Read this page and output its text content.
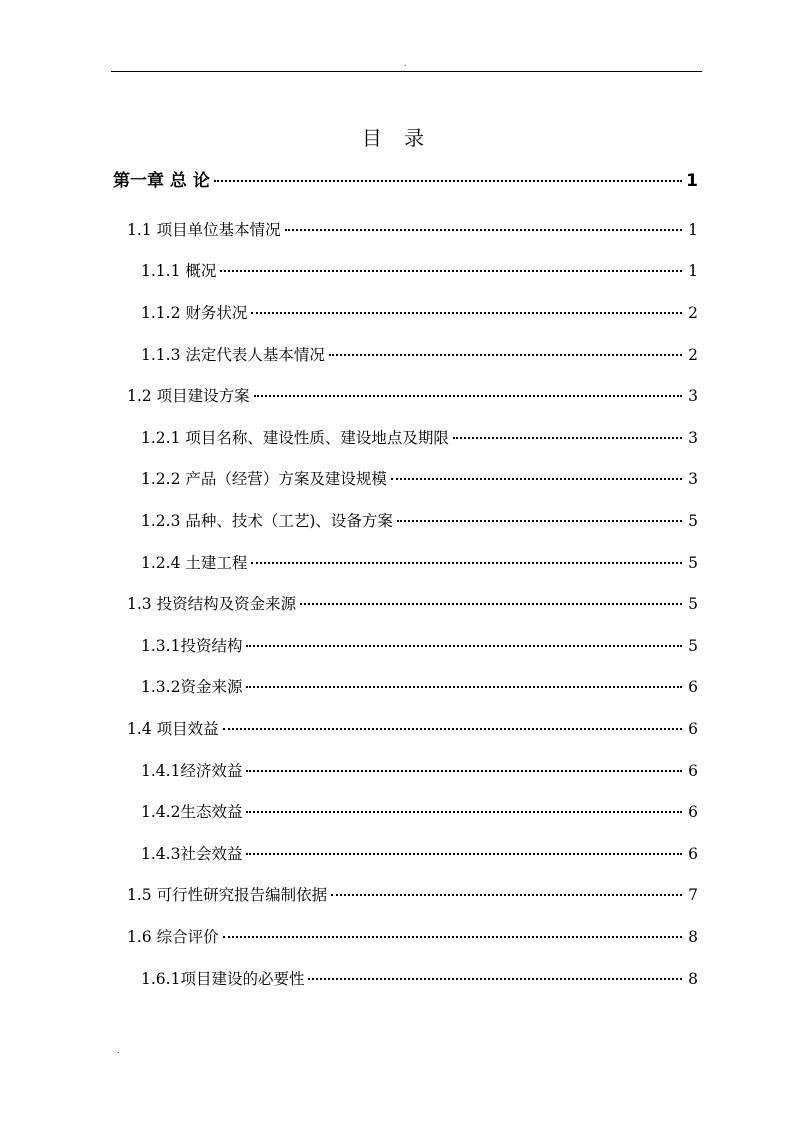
.
目 录
第一章 总 论	1
1.1 项目单位基本情况	1
1.1.1 概况	1
1.1.2 财务状况	2
1.1.3 法定代表人基本情况	2
1.2 项目建设方案	3
1.2.1 项目名称、建设性质、建设地点及期限	3
1.2.2 产品（经营）方案及建设规模	3
1.2.3 品种、技术（工艺)、设备方案	5
1.2.4 土建工程	5
1.3 投资结构及资金来源	5
1.3.1投资结构	5
1.3.2资金来源	6
1.4 项目效益	6
1.4.1经济效益	6
1.4.2生态效益	6
1.4.3社会效益	6
1.5 可行性研究报告编制依据	7
1.6 综合评价	8
1.6.1项目建设的必要性	8
.
